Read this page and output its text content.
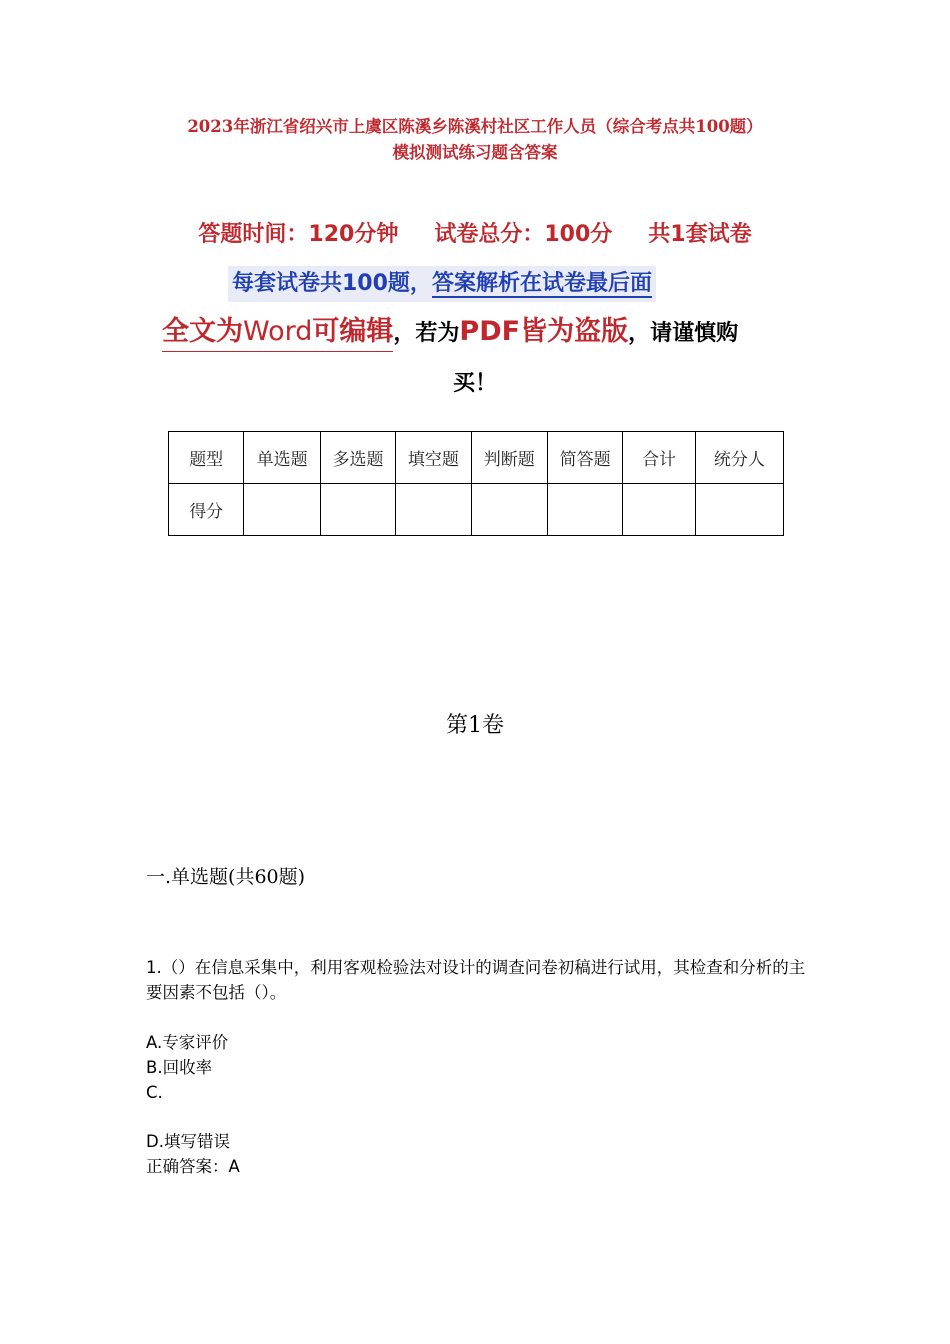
2023年浙江省绍兴市上虞区陈溪乡陈溪村社区工作人员（综合考点共100题）
模拟测试练习题含答案
答题时间：120分钟 试卷总分：100分 共1套试卷
每套试卷共100题，答案解析在试卷最后面
全文为Word可编辑，若为PDF皆为盗版，请谨慎购
买！
题型	单选题	多选题	填空题	判断题	简答题	合计	统分人
得分							
第1卷
一.单选题(共60题)
1.（）在信息采集中，利用客观检验法对设计的调查问卷初稿进行试用，其检查和分析的主要因素不包括（）。
A.专家评价
B.回收率
C.
D.填写错误
正确答案：A
